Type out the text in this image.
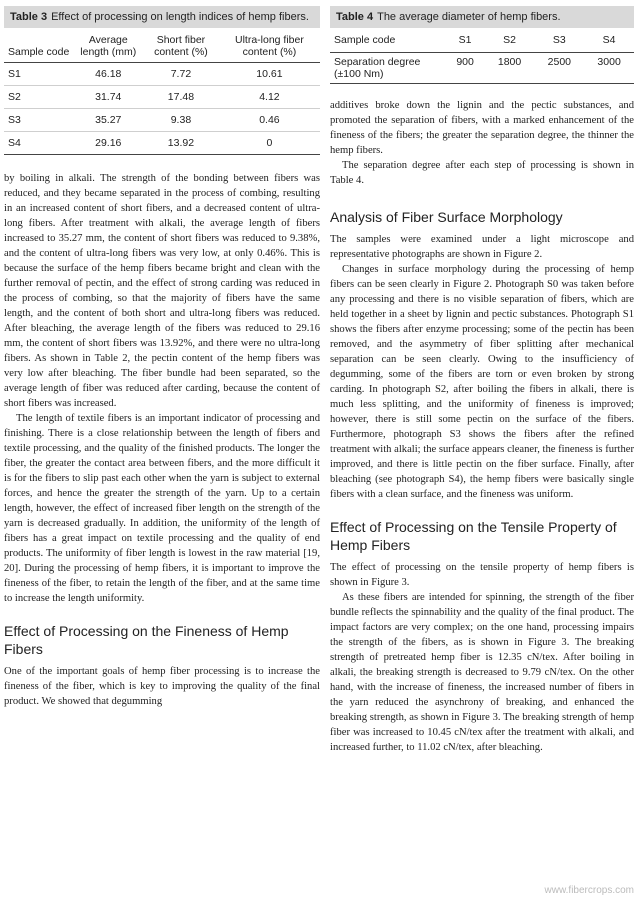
Table 3 Effect of processing on length indices of hemp fibers.
Sample code	Average length (mm)	Short fiber content (%)	Ultra-long fiber content (%)
S1	46.18	7.72	10.61
S2	31.74	17.48	4.12
S3	35.27	9.38	0.46
S4	29.16	13.92	0

by boiling in alkali. The strength of the bonding between fibers was reduced, and they became separated in the process of combing, resulting in an increased content of short fibers, and a decreased content of ultra-long fibers. After treatment with alkali, the average length of fibers increased to 35.27 mm, the content of short fibers was reduced to 9.38%, and the content of ultra-long fibers was very low, at only 0.46%. This is because the surface of the hemp fibers became bright and clean with the further removal of pectin, and the effect of strong carding was reduced in the process of combing, so that the majority of fibers have the same length, and the content of both short and ultra-long fibers was reduced. After bleaching, the average length of the fibers was reduced to 29.16 mm, the content of short fibers was 13.92%, and there were no ultra-long fibers. As shown in Table 2, the pectin content of the hemp fibers was very low after bleaching. The fiber bundle had been separated, so the average length of fiber was reduced after carding, because the content of short fibers was increased.

The length of textile fibers is an important indicator of processing and finishing. There is a close relationship between the length of fibers and textile processing, and the quality of the finished products. The longer the fiber, the greater the contact area between fibers, and the more difficult it is for the fibers to slip past each other when the yarn is subject to external forces, and hence the greater the strength of the yarn. Up to a certain length, however, the effect of increased fiber length on the strength of the yarn is decreased gradually. In addition, the uniformity of the length of fibers has a great impact on textile processing and the quality of end products. The uniformity of fiber length is lowest in the raw material [19, 20]. During the processing of hemp fibers, it is important to improve the fineness of the fiber, to retain the length of the fiber, and at the same time to increase the length uniformity.

Effect of Processing on the Fineness of Hemp Fibers

One of the important goals of hemp fiber processing is to increase the fineness of the fiber, which is key to improving the quality of the final product. We showed that degumming

Table 4 The average diameter of hemp fibers.
Sample code	S1	S2	S3	S4
Separation degree (±100 Nm)	900	1800	2500	3000

additives broke down the lignin and the pectic substances, and promoted the separation of fibers, with a marked enhancement of the fineness of the fibers; the greater the separation degree, the thinner the hemp fibers.

The separation degree after each step of processing is shown in Table 4.

Analysis of Fiber Surface Morphology

The samples were examined under a light microscope and representative photographs are shown in Figure 2.

Changes in surface morphology during the processing of hemp fibers can be seen clearly in Figure 2. Photograph S0 was taken before any processing and there is no visible separation of fibers, which are held together in a sheet by lignin and pectic substances. Photograph S1 shows the fibers after enzyme processing; some of the pectin has been removed, and the asymmetry of fiber splitting after mechanical separation can be seen clearly. Owing to the insufficiency of degumming, some of the fibers are torn or even broken by strong carding. In photograph S2, after boiling the fibers in alkali, there is much less splitting, and the uniformity of fineness is improved; however, there is still some pectin on the surface of the fibers. Furthermore, photograph S3 shows the fibers after the refined treatment with alkali; the surface appears cleaner, the fineness is further improved, and there is little pectin on the fiber surface. Finally, after bleaching (see photograph S4), the hemp fibers were basically single fibers with a clean surface, and the fineness was uniform.

Effect of Processing on the Tensile Property of Hemp Fibers

The effect of processing on the tensile property of hemp fibers is shown in Figure 3.

As these fibers are intended for spinning, the strength of the fiber bundle reflects the spinnability and the quality of the final product. The impact factors are very complex; on the one hand, processing impairs the strength of the fibers, as is shown in Figure 3. The breaking strength of pretreated hemp fiber is 12.35 cN/tex. After boiling in alkali, the breaking strength is decreased to 9.79 cN/tex. On the other hand, with the increase of fineness, the increased number of fibers in the yarn reduced the asynchrony of breaking, and enhanced the breaking strength, as shown in Figure 3. The breaking strength of hemp fiber was increased to 10.45 cN/tex after the treatment with alkali, and increased further, to 11.02 cN/tex, after bleaching.

www.fibercrops.com
